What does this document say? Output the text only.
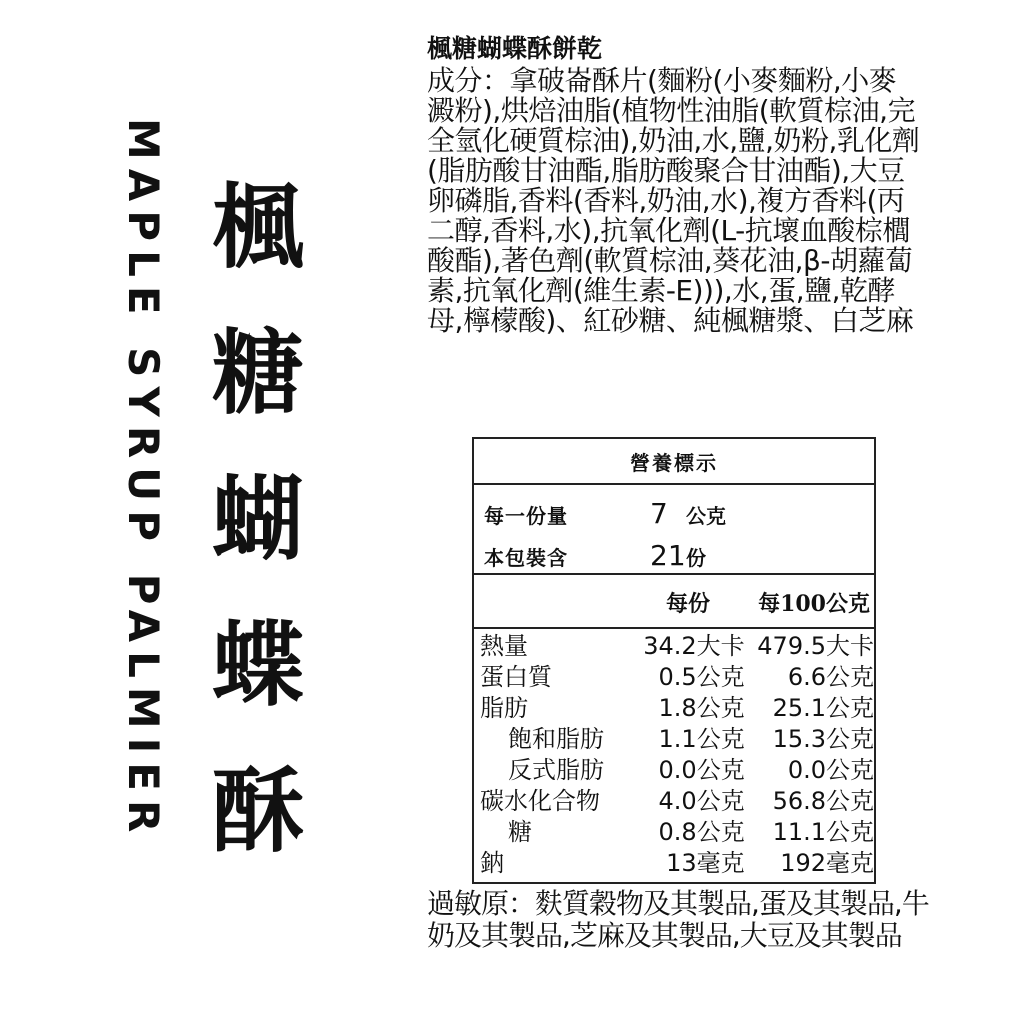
MAPLE SYRUP PALMIER 楓
糖
蝴
蝶
酥
楓糖蝴蝶酥餅乾
成分：拿破崙酥片(麵粉(小麥麵粉,小麥澱粉),烘焙油脂(植物性油脂(軟質棕油,完全氫化硬質棕油),奶油,水,鹽,奶粉,乳化劑(脂肪酸甘油酯,脂肪酸聚合甘油酯),大豆卵磷脂,香料(香料,奶油,水),複方香料(丙二醇,香料,水),抗氧化劑(L-抗壞血酸棕櫚酸酯),著色劑(軟質棕油,葵花油,β-胡蘿蔔素,抗氧化劑(維生素-E))),水,蛋,鹽,乾酵母,檸檬酸)、紅砂糖、純楓糖漿、白芝麻
營養標示
每一份量	7 公克
本包裝含	21 份
每份 每100公克
熱量	34.2大卡 479.5大卡
蛋白質	0.5公克	6.6公克
脂肪	1.8公克	25.1公克
飽和脂肪	1.1公克	15.3公克
反式脂肪	0.0公克	0.0公克
碳水化合物	4.0公克	56.8公克
糖	0.8公克	11.1公克
鈉	13毫克	192毫克
過敏原：麩質穀物及其製品,蛋及其製品,牛奶及其製品,芝麻及其製品,大豆及其製品
